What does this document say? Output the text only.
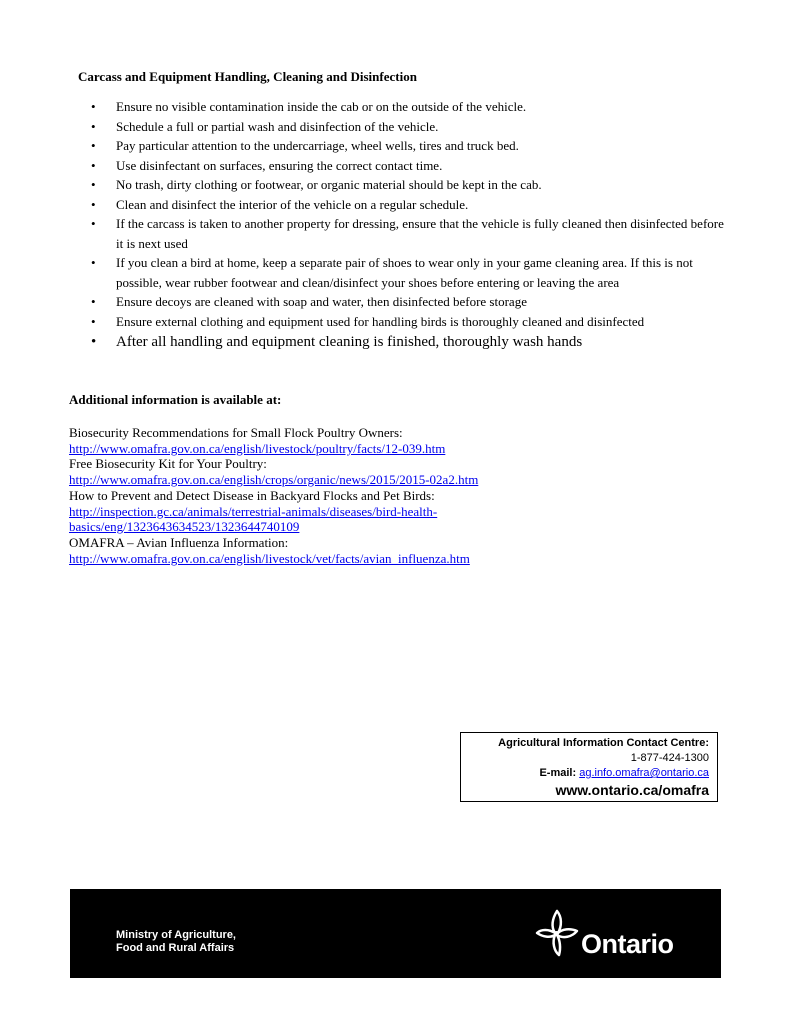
Carcass and Equipment Handling, Cleaning and Disinfection
• Ensure no visible contamination inside the cab or on the outside of the vehicle.
• Schedule a full or partial wash and disinfection of the vehicle.
• Pay particular attention to the undercarriage, wheel wells, tires and truck bed.
• Use disinfectant on surfaces, ensuring the correct contact time.
• No trash, dirty clothing or footwear, or organic material should be kept in the cab.
• Clean and disinfect the interior of the vehicle on a regular schedule.
• If the carcass is taken to another property for dressing, ensure that the vehicle is fully cleaned then disinfected before it is next used
• If you clean a bird at home, keep a separate pair of shoes to wear only in your game cleaning area. If this is not possible, wear rubber footwear and clean/disinfect your shoes before entering or leaving the area
• Ensure decoys are cleaned with soap and water, then disinfected before storage
• Ensure external clothing and equipment used for handling birds is thoroughly cleaned and disinfected
• After all handling and equipment cleaning is finished, thoroughly wash hands
Additional information is available at:
Biosecurity Recommendations for Small Flock Poultry Owners:
http://www.omafra.gov.on.ca/english/livestock/poultry/facts/12-039.htm
Free Biosecurity Kit for Your Poultry:
http://www.omafra.gov.on.ca/english/crops/organic/news/2015/2015-02a2.htm
How to Prevent and Detect Disease in Backyard Flocks and Pet Birds:
http://inspection.gc.ca/animals/terrestrial-animals/diseases/bird-health-
basics/eng/1323643634523/1323644740109
OMAFRA – Avian Influenza Information:
http://www.omafra.gov.on.ca/english/livestock/vet/facts/avian_influenza.htm
Agricultural Information Contact Centre:
1-877-424-1300
E-mail: ag.info.omafra@ontario.ca
www.ontario.ca/omafra
Ministry of Agriculture,
Food and Rural Affairs	Ontario
